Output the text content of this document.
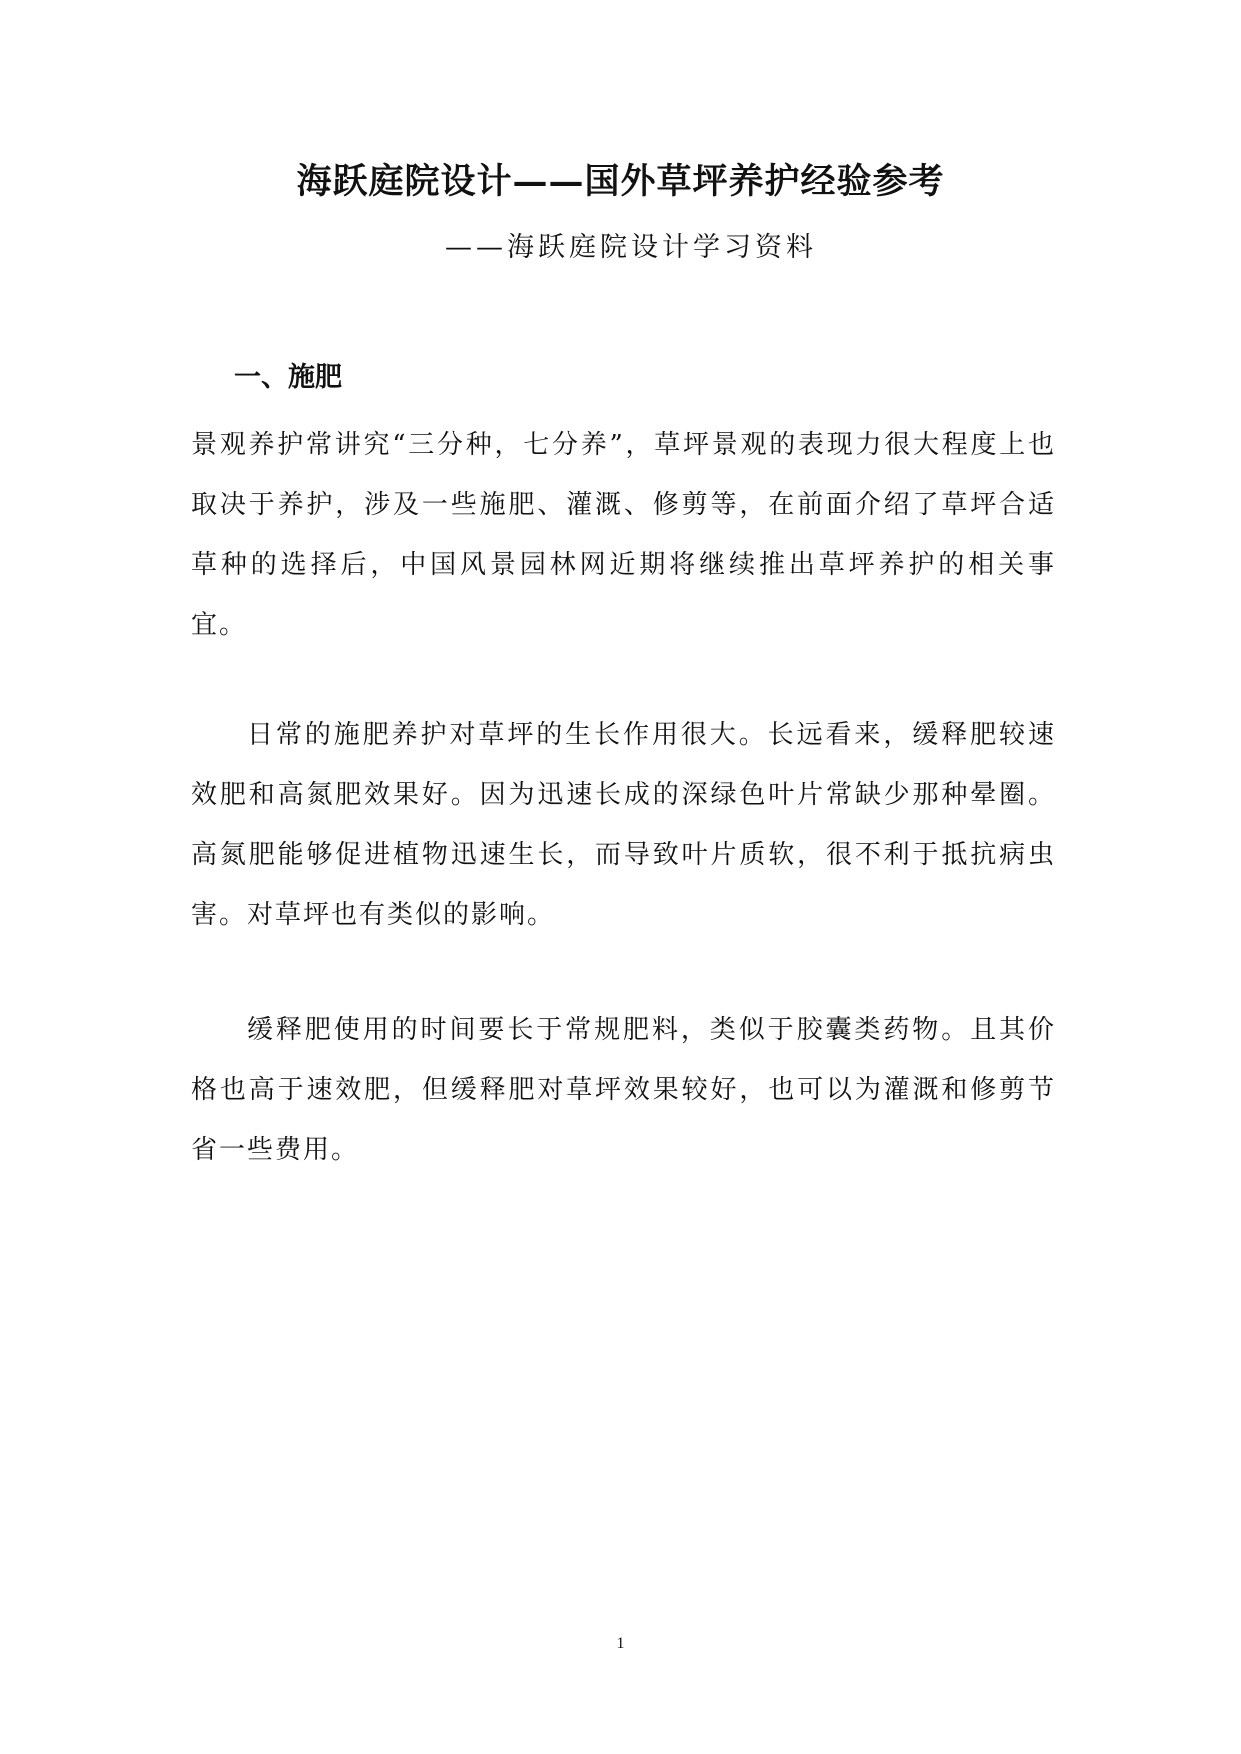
海跃庭院设计——国外草坪养护经验参考
——海跃庭院设计学习资料
一、施肥

景观养护常讲究“三分种，七分养”，草坪景观的表现力很大程度上也取决于养护，涉及一些施肥、灌溉、修剪等，在前面介绍了草坪合适草种的选择后，中国风景园林网近期将继续推出草坪养护的相关事宜。

日常的施肥养护对草坪的生长作用很大。长远看来，缓释肥较速效肥和高氮肥效果好。因为迅速长成的深绿色叶片常缺少那种晕圈。高氮肥能够促进植物迅速生长，而导致叶片质软，很不利于抵抗病虫害。对草坪也有类似的影响。

缓释肥使用的时间要长于常规肥料，类似于胶囊类药物。且其价格也高于速效肥，但缓释肥对草坪效果较好，也可以为灌溉和修剪节省一些费用。

1
